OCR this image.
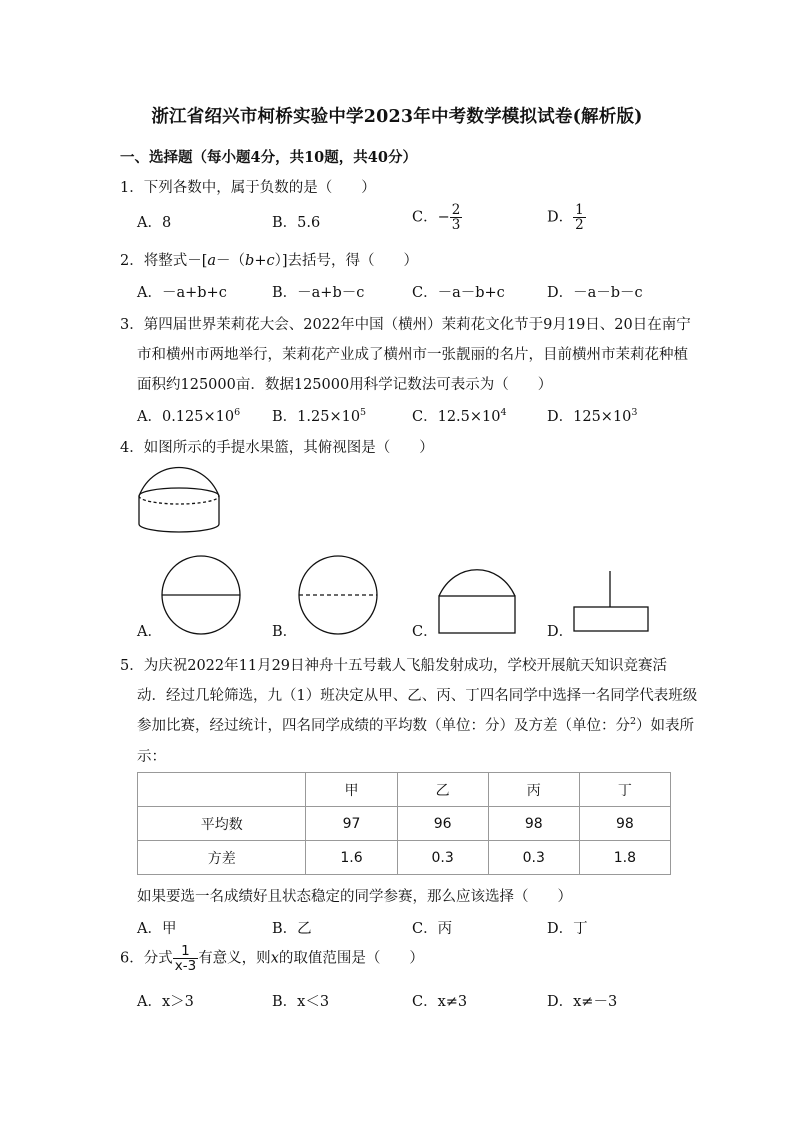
浙江省绍兴市柯桥实验中学2023年中考数学模拟试卷(解析版)
一、选择题（每小题4分，共10题，共40分）
1．下列各数中，属于负数的是（　　）
A．8	B．5.6	C．− $\frac{2}{3}$	D． $\frac{1}{2}$
2．将整式－[a－（b+c）]去括号，得（　　）
A．－a+b+c	B．－a+b－c	C．－a－b+c	D．－a－b－c
3．第四届世界茉莉花大会、2022年中国（横州）茉莉花文化节于9月19日、20日在南宁
市和横州市两地举行，茉莉花产业成了横州市一张靓丽的名片，目前横州市茉莉花种植
面积约125000亩．数据125000用科学记数法可表示为（　　）
A．$0.125\times 10^6$ B．$1.25\times 10^5$	C．$12.5\times 10^4$	D．$125\times 10^3$
4．如图所示的手提水果篮，其俯视图是（　　）
A．	B．	C．	D．
5．为庆祝2022年11月29日神舟十五号载人飞船发射成功，学校开展航天知识竞赛活
动．经过几轮筛选，九（1）班决定从甲、乙、丙、丁四名同学中选择一名同学代表班级
参加比赛，经过统计，四名同学成绩的平均数（单位：分）及方差（单位：分$^2$）如表所
示：
	甲	乙	丙	丁
平均数	97	96	98	98
方差	1.6	0.3	0.3	1.8
如果要选一名成绩好且状态稳定的同学参赛，那么应该选择（　　）
A．甲	B．乙	C．丙	D．丁
6．分式 $\frac{1}{x-3}$ 有意义，则x的取值范围是（　　）
A．x＞3	B．x＜3	C．x≠3	D．x≠－3
